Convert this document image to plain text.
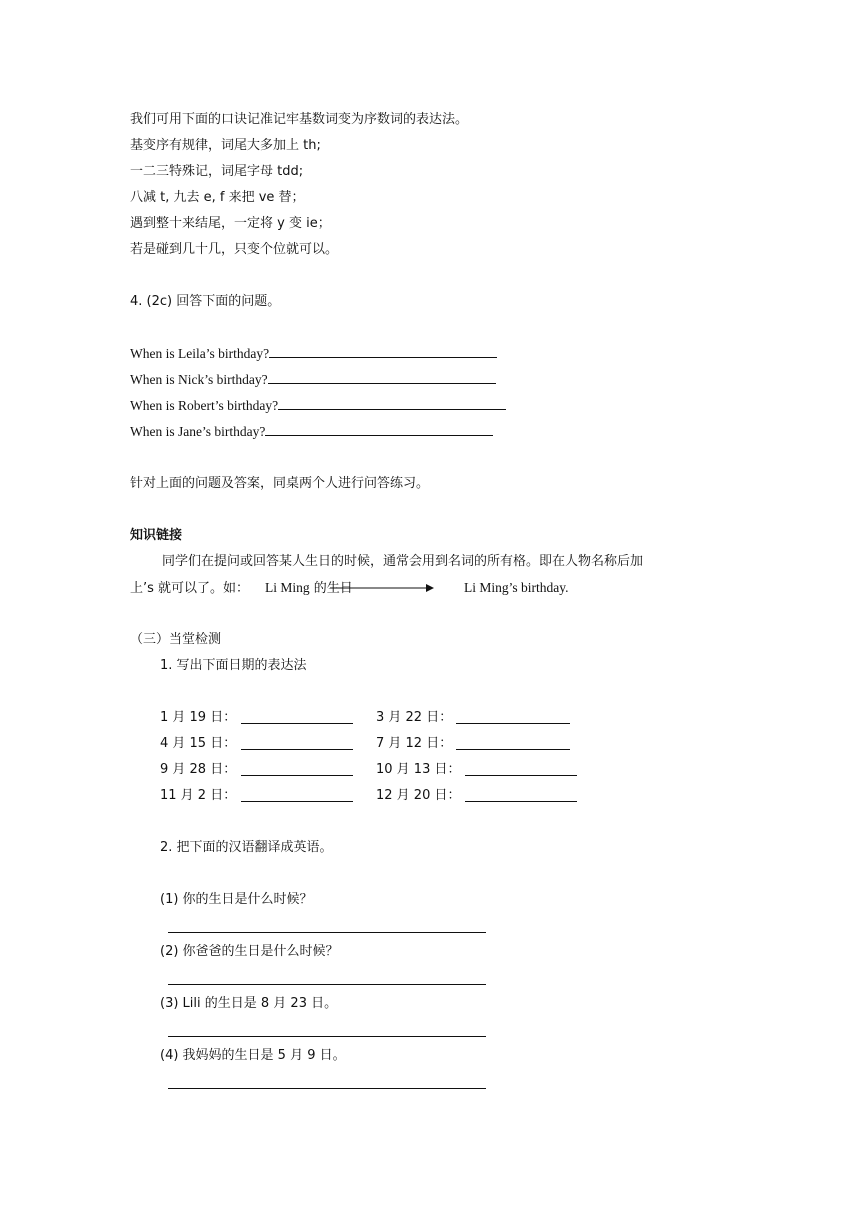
我们可用下面的口诀记准记牢基数词变为序数词的表达法。
基变序有规律，词尾大多加上 th;
一二三特殊记，词尾字母 tdd;
八减 t, 九去 e, f 来把 ve 替；
遇到整十来结尾，一定将 y 变 ie；
若是碰到几十几，只变个位就可以。
4. (2c) 回答下面的问题。
When is Leila’s birthday?
When is Nick’s birthday?
When is Robert’s birthday?
When is Jane’s birthday?
针对上面的问题及答案，同桌两个人进行问答练习。
知识链接
同学们在提问或回答某人生日的时候，通常会用到名词的所有格。即在人物名称后加
上’s 就可以了。如： Li Ming 的生日	Li Ming’s birthday.
（三）当堂检测
1. 写出下面日期的表达法
1 月 19 日：	3 月 22 日：
4 月 15 日：	7 月 12 日：
9 月 28 日：	10 月 13 日：
11 月 2 日：	12 月 20 日：
2. 把下面的汉语翻译成英语。
(1) 你的生日是什么时候？
(2) 你爸爸的生日是什么时候？
(3) Lili 的生日是 8 月 23 日。
(4) 我妈妈的生日是 5 月 9 日。
